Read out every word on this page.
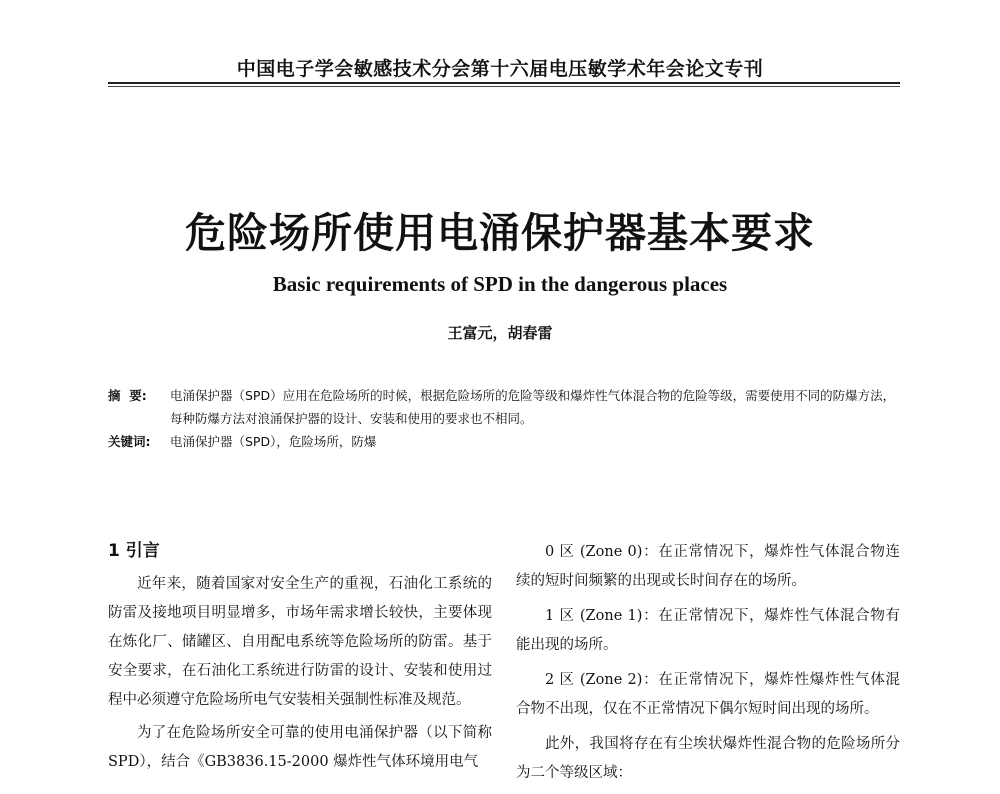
中国电子学会敏感技术分会第十六届电压敏学术年会论文专刊
危险场所使用电涌保护器基本要求
Basic requirements of SPD in the dangerous places
王富元，胡春雷
摘  要:	电涌保护器（SPD）应用在危险场所的时候，根据危险场所的危险等级和爆炸性气体混合物的危险等级，需要使用不同的防爆方法，每种防爆方法对浪涌保护器的设计、安装和使用的要求也不相同。
关键词:	电涌保护器（SPD），危险场所，防爆
1 引言

近年来，随着国家对安全生产的重视，石油化工系统的防雷及接地项目明显增多，市场年需求增长较快，主要体现在炼化厂、储罐区、自用配电系统等危险场所的防雷。基于安全要求，在石油化工系统进行防雷的设计、安装和使用过程中必须遵守危险场所电气安装相关强制性标准及规范。

为了在危险场所安全可靠的使用电涌保护器（以下简称 SPD），结合《GB3836.15-2000 爆炸性气体环境用电气

0 区 (Zone 0)：在正常情况下，爆炸性气体混合物连续的短时间频繁的出现或长时间存在的场所。

1 区 (Zone 1)：在正常情况下，爆炸性气体混合物有能出现的场所。

2 区 (Zone 2)：在正常情况下，爆炸性爆炸性气体混合物不出现，仅在不正常情况下偶尔短时间出现的场所。

此外，我国将存在有尘埃状爆炸性混合物的危险场所分为二个等级区域：
